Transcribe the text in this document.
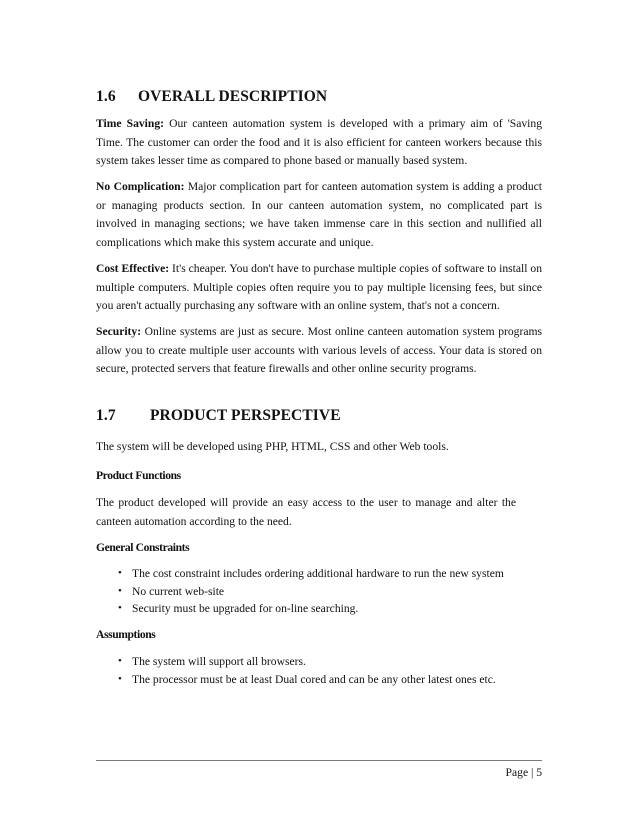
1.6 OVERALL DESCRIPTION
Time Saving: Our canteen automation system is developed with a primary aim of 'Saving Time. The customer can order the food and it is also efficient for canteen workers because this system takes lesser time as compared to phone based or manually based system.
No Complication: Major complication part for canteen automation system is adding a product or managing products section. In our canteen automation system, no complicated part is involved in managing sections; we have taken immense care in this section and nullified all complications which make this system accurate and unique.
Cost Effective: It's cheaper. You don't have to purchase multiple copies of software to install on multiple computers. Multiple copies often require you to pay multiple licensing fees, but since you aren't actually purchasing any software with an online system, that's not a concern.
Security: Online systems are just as secure. Most online canteen automation system programs allow you to create multiple user accounts with various levels of access. Your data is stored on secure, protected servers that feature firewalls and other online security programs.
1.7 PRODUCT PERSPECTIVE
The system will be developed using PHP, HTML, CSS and other Web tools.
Product Functions
The product developed will provide an easy access to the user to manage and alter the canteen automation according to the need.
General Constraints
• The cost constraint includes ordering additional hardware to run the new system
• No current web-site
• Security must be upgraded for on-line searching.
Assumptions
• The system will support all browsers.
• The processor must be at least Dual cored and can be any other latest ones etc.
Page | 5
